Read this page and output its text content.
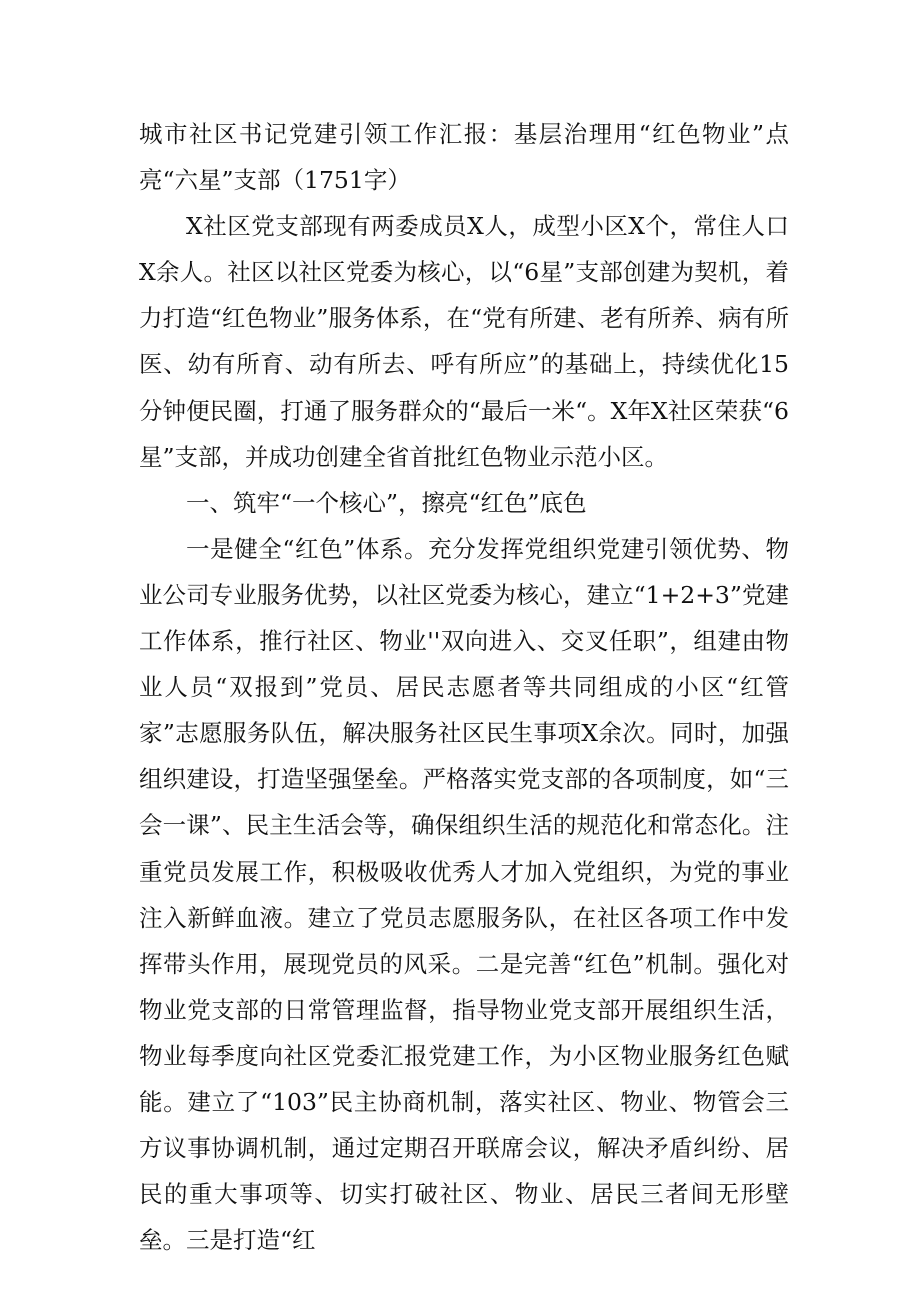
城市社区书记党建引领工作汇报：基层治理用“红色物业”点亮“六星”支部（1751字）

X社区党支部现有两委成员X人，成型小区X个，常住人口X余人。社区以社区党委为核心，以“6星”支部创建为契机，着力打造“红色物业”服务体系，在“党有所建、老有所养、病有所医、幼有所育、动有所去、呼有所应”的基础上，持续优化15分钟便民圈，打通了服务群众的“最后一米“。X年X社区荣获“6星”支部，并成功创建全省首批红色物业示范小区。

一、筑牢“一个核心”，擦亮“红色”底色

一是健全“红色”体系。充分发挥党组织党建引领优势、物业公司专业服务优势，以社区党委为核心，建立“1+2+3”党建工作体系，推行社区、物业''双向进入、交叉任职”，组建由物业人员“双报到”党员、居民志愿者等共同组成的小区“红管家”志愿服务队伍，解决服务社区民生事项X余次。同时，加强组织建设，打造坚强堡垒。严格落实党支部的各项制度，如“三会一课”、民主生活会等，确保组织生活的规范化和常态化。注重党员发展工作，积极吸收优秀人才加入党组织，为党的事业注入新鲜血液。建立了党员志愿服务队，在社区各项工作中发挥带头作用，展现党员的风采。二是完善“红色”机制。强化对物业党支部的日常管理监督，指导物业党支部开展组织生活，物业每季度向社区党委汇报党建工作，为小区物业服务红色赋能。建立了“103”民主协商机制，落实社区、物业、物管会三方议事协调机制，通过定期召开联席会议，解决矛盾纠纷、居民的重大事项等、切实打破社区、物业、居民三者间无形壁垒。三是打造“红
